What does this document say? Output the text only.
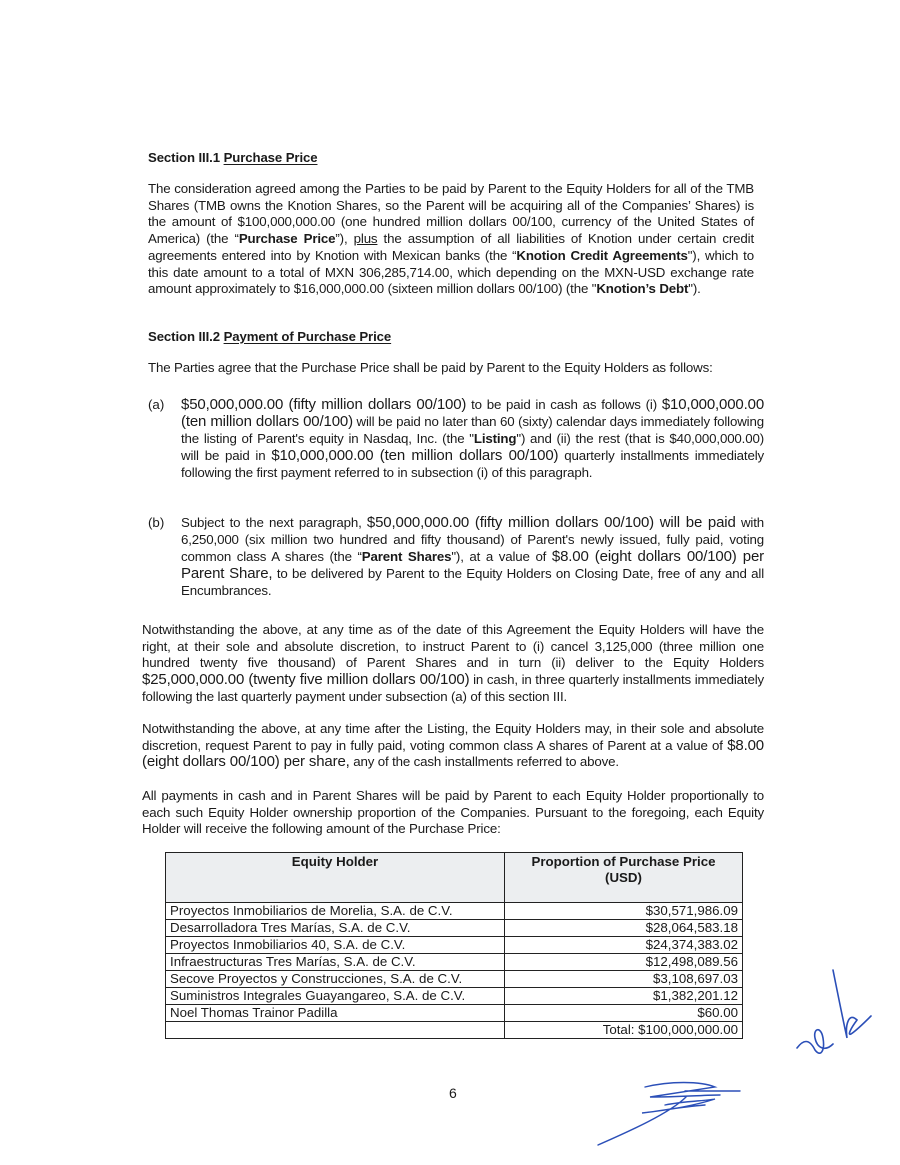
Section III.1 Purchase Price
The consideration agreed among the Parties to be paid by Parent to the Equity Holders for all of the TMB Shares (TMB owns the Knotion Shares, so the Parent will be acquiring all of the Companies’ Shares) is the amount of $100,000,000.00 (one hundred million dollars 00/100, currency of the United States of America) (the “Purchase Price”), plus the assumption of all liabilities of Knotion under certain credit agreements entered into by Knotion with Mexican banks (the “Knotion Credit Agreements"), which to this date amount to a total of MXN 306,285,714.00, which depending on the MXN-USD exchange rate amount approximately to $16,000,000.00 (sixteen million dollars 00/100) (the "Knotion’s Debt").
Section III.2 Payment of Purchase Price
The Parties agree that the Purchase Price shall be paid by Parent to the Equity Holders as follows:
(a) $50,000,000.00 (fifty million dollars 00/100) to be paid in cash as follows (i) $10,000,000.00 (ten million dollars 00/100) will be paid no later than 60 (sixty) calendar days immediately following the listing of Parent's equity in Nasdaq, Inc. (the "Listing") and (ii) the rest (that is $40,000,000.00) will be paid in $10,000,000.00 (ten million dollars 00/100) quarterly installments immediately following the first payment referred to in subsection (i) of this paragraph.
(b) Subject to the next paragraph, $50,000,000.00 (fifty million dollars 00/100) will be paid with 6,250,000 (six million two hundred and fifty thousand) of Parent's newly issued, fully paid, voting common class A shares (the “Parent Shares"), at a value of $8.00 (eight dollars 00/100) per Parent Share, to be delivered by Parent to the Equity Holders on Closing Date, free of any and all Encumbrances.
Notwithstanding the above, at any time as of the date of this Agreement the Equity Holders will have the right, at their sole and absolute discretion, to instruct Parent to (i) cancel 3,125,000 (three million one hundred twenty five thousand) of Parent Shares and in turn (ii) deliver to the Equity Holders $25,000,000.00 (twenty five million dollars 00/100) in cash, in three quarterly installments immediately following the last quarterly payment under subsection (a) of this section III.
Notwithstanding the above, at any time after the Listing, the Equity Holders may, in their sole and absolute discretion, request Parent to pay in fully paid, voting common class A shares of Parent at a value of $8.00 (eight dollars 00/100) per share, any of the cash installments referred to above.
All payments in cash and in Parent Shares will be paid by Parent to each Equity Holder proportionally to each such Equity Holder ownership proportion of the Companies. Pursuant to the foregoing, each Equity Holder will receive the following amount of the Purchase Price:
Equity Holder	Proportion of Purchase Price (USD)
Proyectos Inmobiliarios de Morelia, S.A. de C.V.	$30,571,986.09
Desarrolladora Tres Marías, S.A. de C.V.	$28,064,583.18
Proyectos Inmobiliarios 40, S.A. de C.V.	$24,374,383.02
Infraestructuras Tres Marías, S.A. de C.V.	$12,498,089.56
Secove Proyectos y Construcciones, S.A. de C.V.	$3,108,697.03
Suministros Integrales Guayangareo, S.A. de C.V.	$1,382,201.12
Noel Thomas Trainor Padilla	$60.00
	Total: $100,000,000.00
6
